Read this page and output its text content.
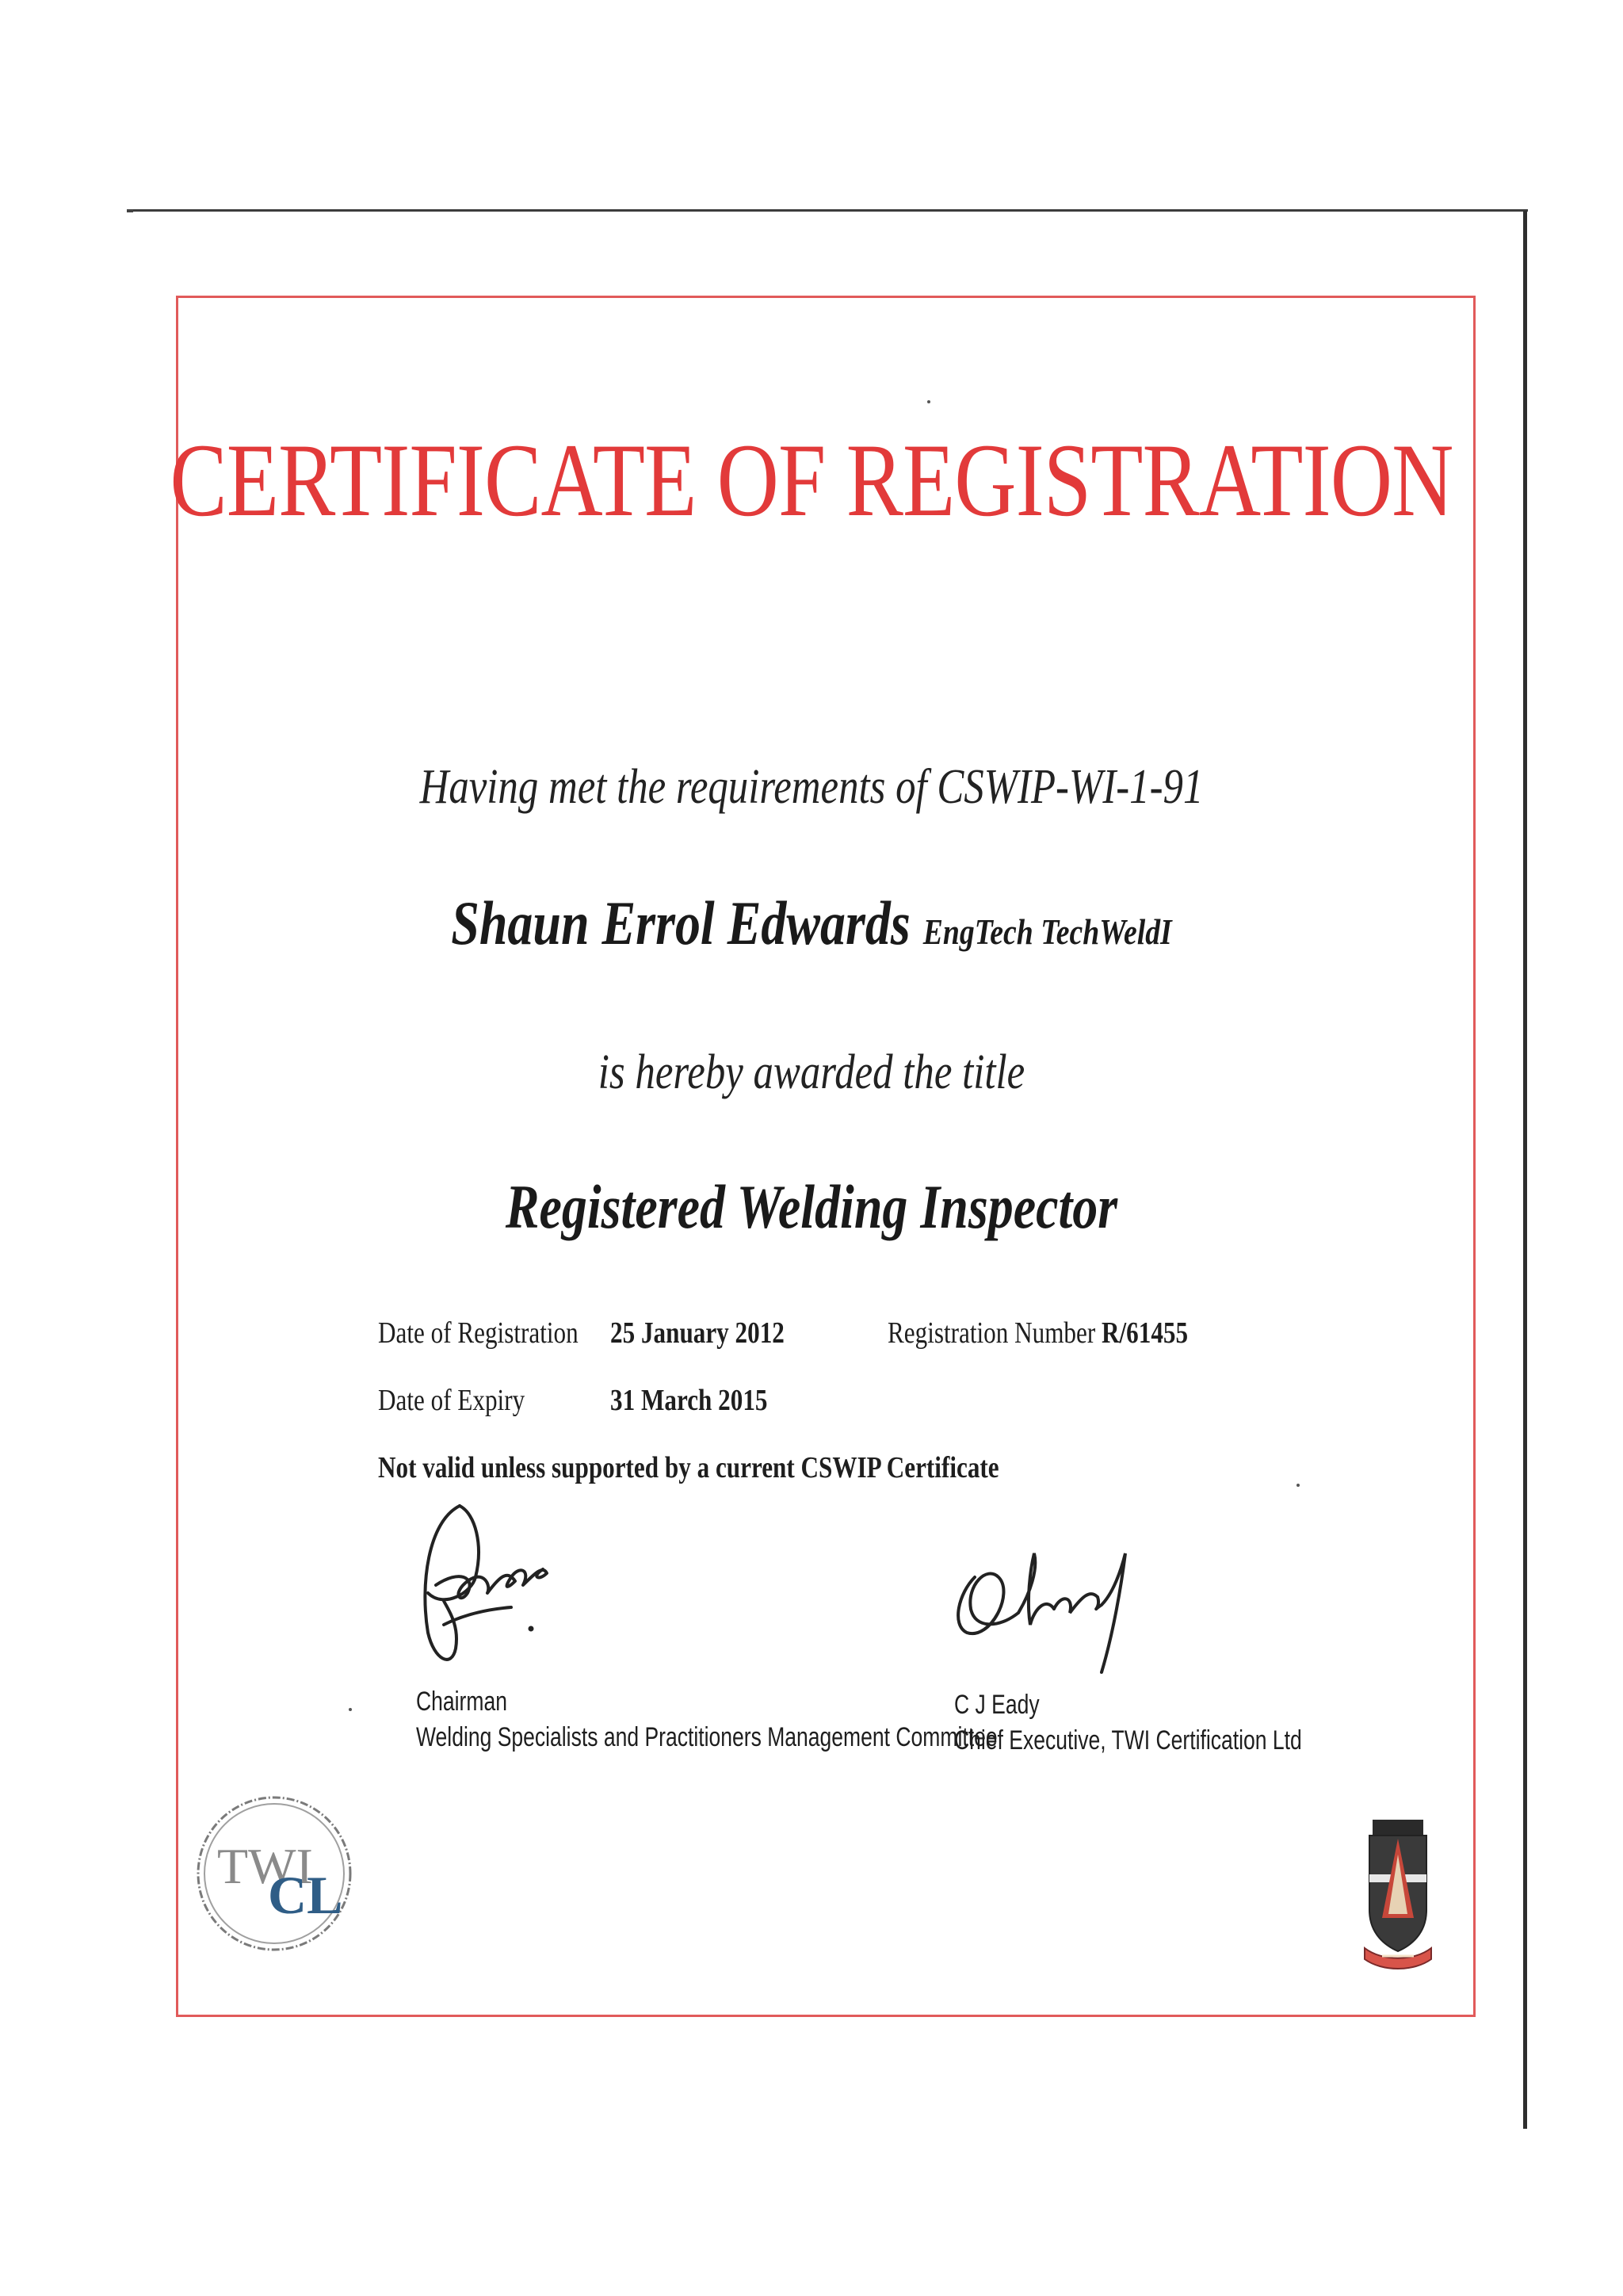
CERTIFICATE OF REGISTRATION
Having met the requirements of CSWIP-WI-1-91
Shaun Errol Edwards EngTech TechWeldI
is hereby awarded the title
Registered Welding Inspector
Date of Registration 25 January 2012	Registration Number R/61455
Date of Expiry	31 March 2015
Not valid unless supported by a current CSWIP Certificate
Chairman
Welding Specialists and Practitioners Management Committee
C J Eady
Chief Executive, TWI Certification Ltd
TWI
CL
